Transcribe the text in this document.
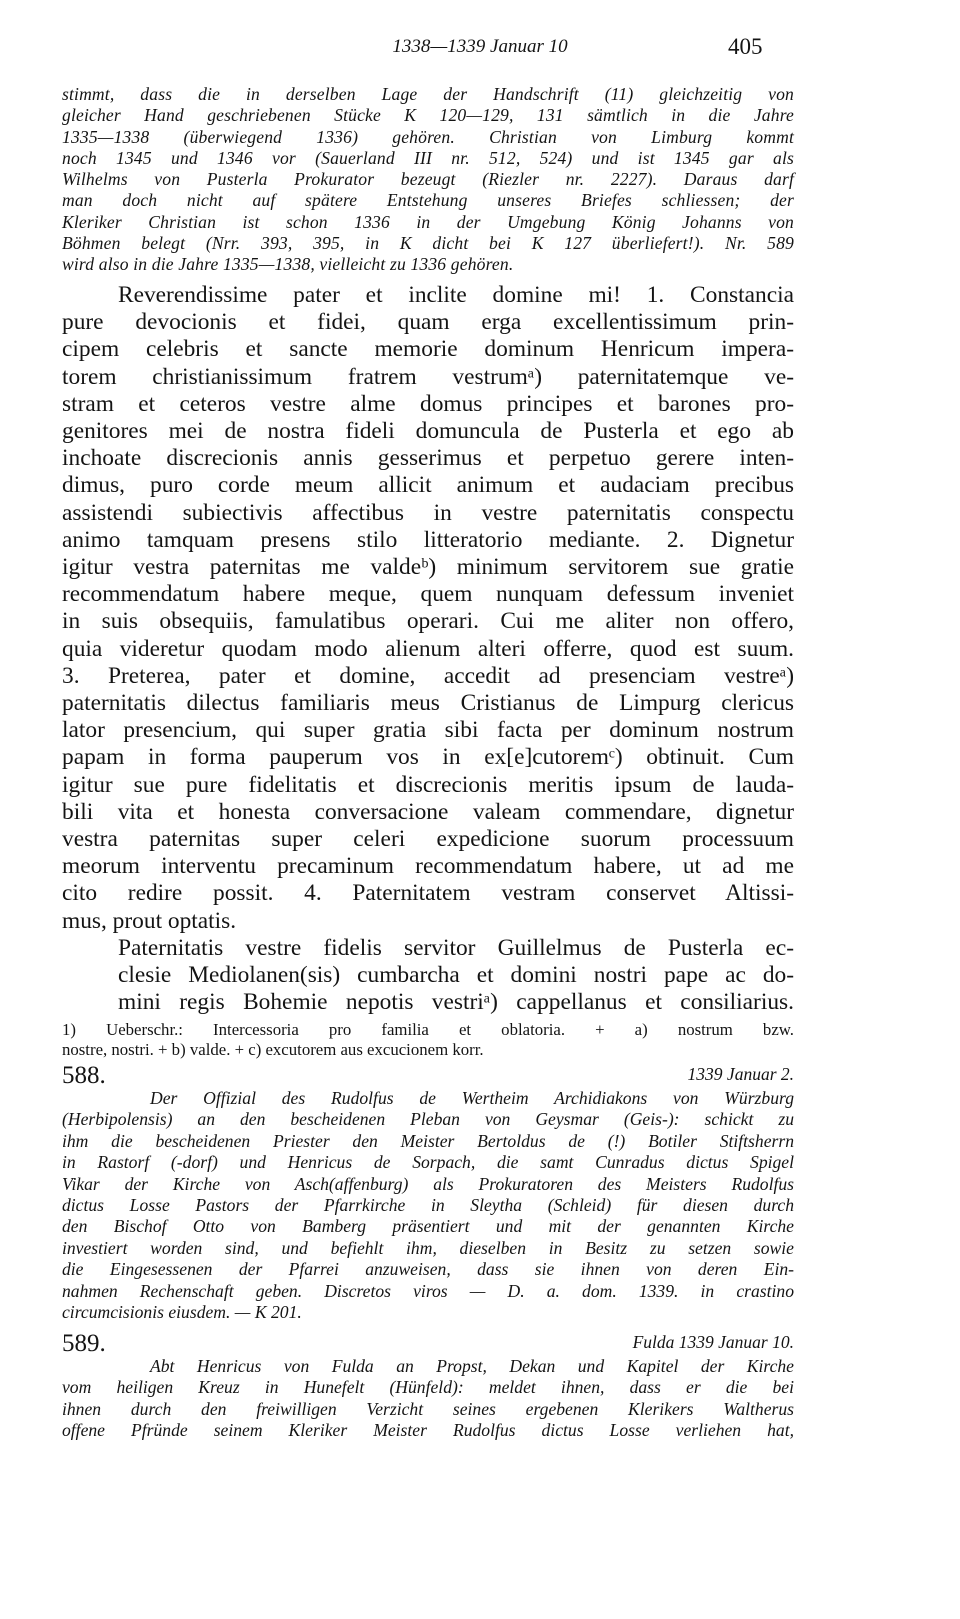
1338—1339 Januar 10	405
stimmt, dass die in derselben Lage der Handschrift (11) gleichzeitig von
gleicher Hand geschriebenen Stücke K 120—129, 131 sämtlich in die Jahre
1335—1338 (überwiegend 1336) gehören. Christian von Limburg kommt
noch 1345 und 1346 vor (Sauerland III nr. 512, 524) und ist 1345 gar als
Wilhelms von Pusterla Prokurator bezeugt (Riezler nr. 2227). Daraus darf
man doch nicht auf spätere Entstehung unseres Briefes schliessen; der
Kleriker Christian ist schon 1336 in der Umgebung König Johanns von
Böhmen belegt (Nrr. 393, 395, in K dicht bei K 127 überliefert!). Nr. 589
wird also in die Jahre 1335—1338, vielleicht zu 1336 gehören.
Reverendissime pater et inclite domine mi! 1. Constancia
pure devocionis et fidei, quam erga excellentissimum prin-
cipem celebris et sancte memorie dominum Henricum impera-
torem christianissimum fratrem vestrumᵃ) paternitatemque ve-
stram et ceteros vestre alme domus principes et barones pro-
genitores mei de nostra fideli domuncula de Pusterla et ego ab
inchoate discrecionis annis gesserimus et perpetuo gerere inten-
dimus, puro corde meum allicit animum et audaciam precibus
assistendi subiectivis affectibus in vestre paternitatis conspectu
animo tamquam presens stilo litteratorio mediante. 2. Dignetur
igitur vestra paternitas me valdeᵇ) minimum servitorem sue gratie
recommendatum habere meque, quem nunquam defessum inveniet
in suis obsequiis, famulatibus operari. Cui me aliter non offero,
quia videretur quodam modo alienum alteri offerre, quod est suum.
3. Preterea, pater et domine, accedit ad presenciam vestreᵃ)
paternitatis dilectus familiaris meus Cristianus de Limpurg clericus
lator presencium, qui super gratia sibi facta per dominum nostrum
papam in forma pauperum vos in ex[e]cutoremᶜ) obtinuit. Cum
igitur sue pure fidelitatis et discrecionis meritis ipsum de lauda-
bili vita et honesta conversacione valeam commendare, dignetur
vestra paternitas super celeri expedicione suorum processuum
meorum interventu precaminum recommendatum habere, ut ad me
cito redire possit. 4. Paternitatem vestram conservet Altissi-
mus, prout optatis.
Paternitatis vestre fidelis servitor Guillelmus de Pusterla ec-
clesie Mediolanen(sis) cumbarcha et domini nostri pape ac do-
mini regis Bohemie nepotis vestriᵃ) cappellanus et consiliarius.
1) Ueberschr.: Intercessoria pro familia et oblatoria. + a) nostrum bzw.
nostre, nostri. + b) valde. + c) excutorem aus excucionem korr.
588.	1339 Januar 2.
Der Offizial des Rudolfus de Wertheim Archidiakons von Würzburg
(Herbipolensis) an den bescheidenen Pleban von Geysmar (Geis-): schickt zu
ihm die bescheidenen Priester den Meister Bertoldus de (!) Botiler Stiftsherrn
in Rastorf (-dorf) und Henricus de Sorpach, die samt Cunradus dictus Spigel
Vikar der Kirche von Asch(affenburg) als Prokuratoren des Meisters Rudolfus
dictus Losse Pastors der Pfarrkirche in Sleytha (Schleid) für diesen durch
den Bischof Otto von Bamberg präsentiert und mit der genannten Kirche
investiert worden sind, und befiehlt ihm, dieselben in Besitz zu setzen sowie
die Eingesessenen der Pfarrei anzuweisen, dass sie ihnen von deren Ein-
nahmen Rechenschaft geben. Discretos viros — D. a. dom. 1339. in crastino
circumcisionis eiusdem. — K 201.
589.	Fulda 1339 Januar 10.
Abt Henricus von Fulda an Propst, Dekan und Kapitel der Kirche
vom heiligen Kreuz in Hunefelt (Hünfeld): meldet ihnen, dass er die bei
ihnen durch den freiwilligen Verzicht seines ergebenen Klerikers Waltherus
offene Pfründe seinem Kleriker Meister Rudolfus dictus Losse verliehen hat,
